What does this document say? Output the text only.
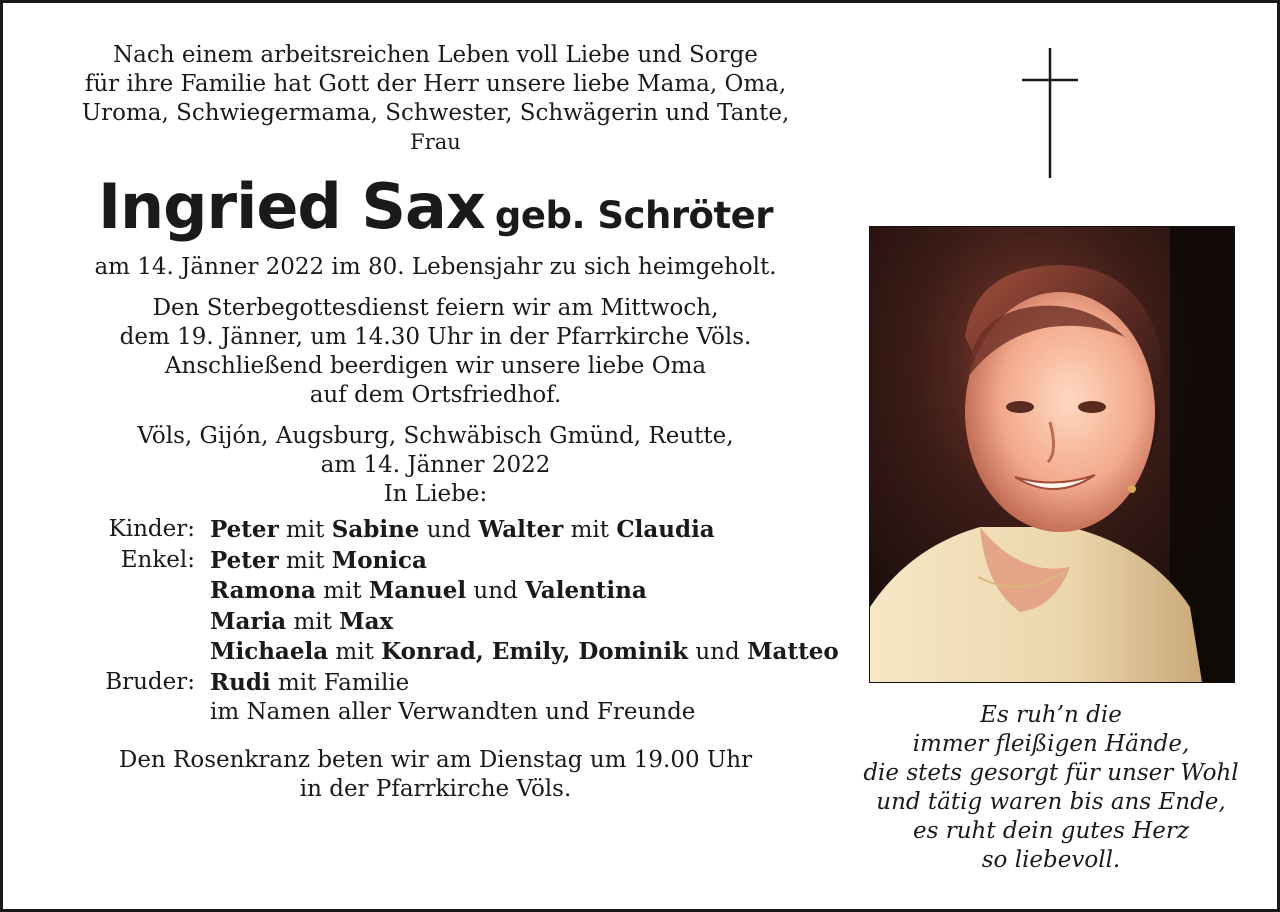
Nach einem arbeitsreichen Leben voll Liebe und Sorge

für ihre Familie hat Gott der Herr unsere liebe Mama, Oma,

Uroma, Schwiegermama, Schwester, Schwägerin und Tante,

Frau

Ingried Sax geb. Schröter

am 14. Jänner 2022 im 80. Lebensjahr zu sich heimgeholt.

Den Sterbegottesdienst feiern wir am Mittwoch,

dem 19. Jänner, um 14.30 Uhr in der Pfarrkirche Völs.

Anschließend beerdigen wir unsere liebe Oma

auf dem Ortsfriedhof.

Völs, Gijón, Augsburg, Schwäbisch Gmünd, Reutte,

am 14. Jänner 2022

In Liebe:

Kinder: Peter mit Sabine und Walter mit Claudia
Enkel: Peter mit Monica
Ramona mit Manuel und Valentina
Maria mit Max
Michaela mit Konrad, Emily, Dominik und Matteo
Bruder: Rudi mit Familie
im Namen aller Verwandten und Freunde

Den Rosenkranz beten wir am Dienstag um 19.00 Uhr

in der Pfarrkirche Völs.

Es ruh’n die
immer fleißigen Hände,
die stets gesorgt für unser Wohl
und tätig waren bis ans Ende,
es ruht dein gutes Herz
so liebevoll.
